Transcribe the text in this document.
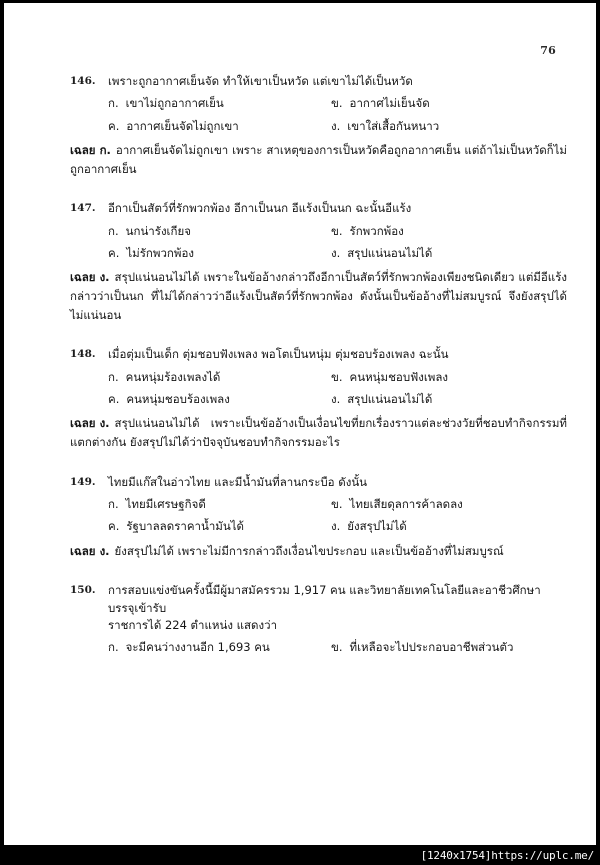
76
146.	เพราะถูกอากาศเย็นจัด ทำให้เขาเป็นหวัด แต่เขาไม่ได้เป็นหวัด
ก. เขาไม่ถูกอากาศเย็น	ข. อากาศไม่เย็นจัด
ค. อากาศเย็นจัดไม่ถูกเขา	ง. เขาใส่เสื้อกันหนาว
เฉลย ก. อากาศเย็นจัดไม่ถูกเขา เพราะ สาเหตุของการเป็นหวัดคือถูกอากาศเย็น แต่ถ้าไม่เป็นหวัดก็ไม่ถูกอากาศเย็น
147.	อีกาเป็นสัตว์ที่รักพวกพ้อง อีกาเป็นนก อีแร้งเป็นนก ฉะนั้นอีแร้ง
ก. นกน่ารังเกียจ	ข. รักพวกพ้อง
ค. ไม่รักพวกพ้อง	ง. สรุปแน่นอนไม่ได้
เฉลย ง. สรุปแน่นอนไม่ได้ เพราะในข้ออ้างกล่าวถึงอีกาเป็นสัตว์ที่รักพวกพ้องเพียงชนิดเดียว แต่มีอีแร้งกล่าวว่าเป็นนก ที่ไม่ได้กล่าวว่าอีแร้งเป็นสัตว์ที่รักพวกพ้อง ดังนั้นเป็นข้ออ้างที่ไม่สมบูรณ์ จึงยังสรุปได้ไม่แน่นอน
148.	เมื่อตุ่มเป็นเด็ก ตุ่มชอบฟังเพลง พอโตเป็นหนุ่ม ตุ่มชอบร้องเพลง ฉะนั้น
ก. คนหนุ่มร้องเพลงได้	ข. คนหนุ่มชอบฟังเพลง
ค. คนหนุ่มชอบร้องเพลง	ง. สรุปแน่นอนไม่ได้
เฉลย ง. สรุปแน่นอนไม่ได้ เพราะเป็นข้ออ้างเป็นเงื่อนไขที่ยกเรื่องราวแต่ละช่วงวัยที่ชอบทำกิจกรรมที่แตกต่างกัน ยังสรุปไม่ได้ว่าปัจจุบันชอบทำกิจกรรมอะไร
149.	ไทยมีแก๊สในอ่าวไทย และมีน้ำมันที่ลานกระบือ ดังนั้น
ก. ไทยมีเศรษฐกิจดี	ข. ไทยเสียดุลการค้าลดลง
ค. รัฐบาลลดราคาน้ำมันได้	ง. ยังสรุปไม่ได้
เฉลย ง. ยังสรุปไม่ได้ เพราะไม่มีการกล่าวถึงเงื่อนไขประกอบ และเป็นข้ออ้างที่ไม่สมบูรณ์
150.	การสอบแข่งขันครั้งนี้มีผู้มาสมัครรวม 1,917 คน และวิทยาลัยเทคโนโลยีและอาชีวศึกษาบรรจุเข้ารับ
ราชการได้ 224 ตำแหน่ง แสดงว่า
ก. จะมีคนว่างงานอีก 1,693 คน	ข. ที่เหลือจะไปประกอบอาชีพส่วนตัว
[1240x1754]https://uplc.me/
